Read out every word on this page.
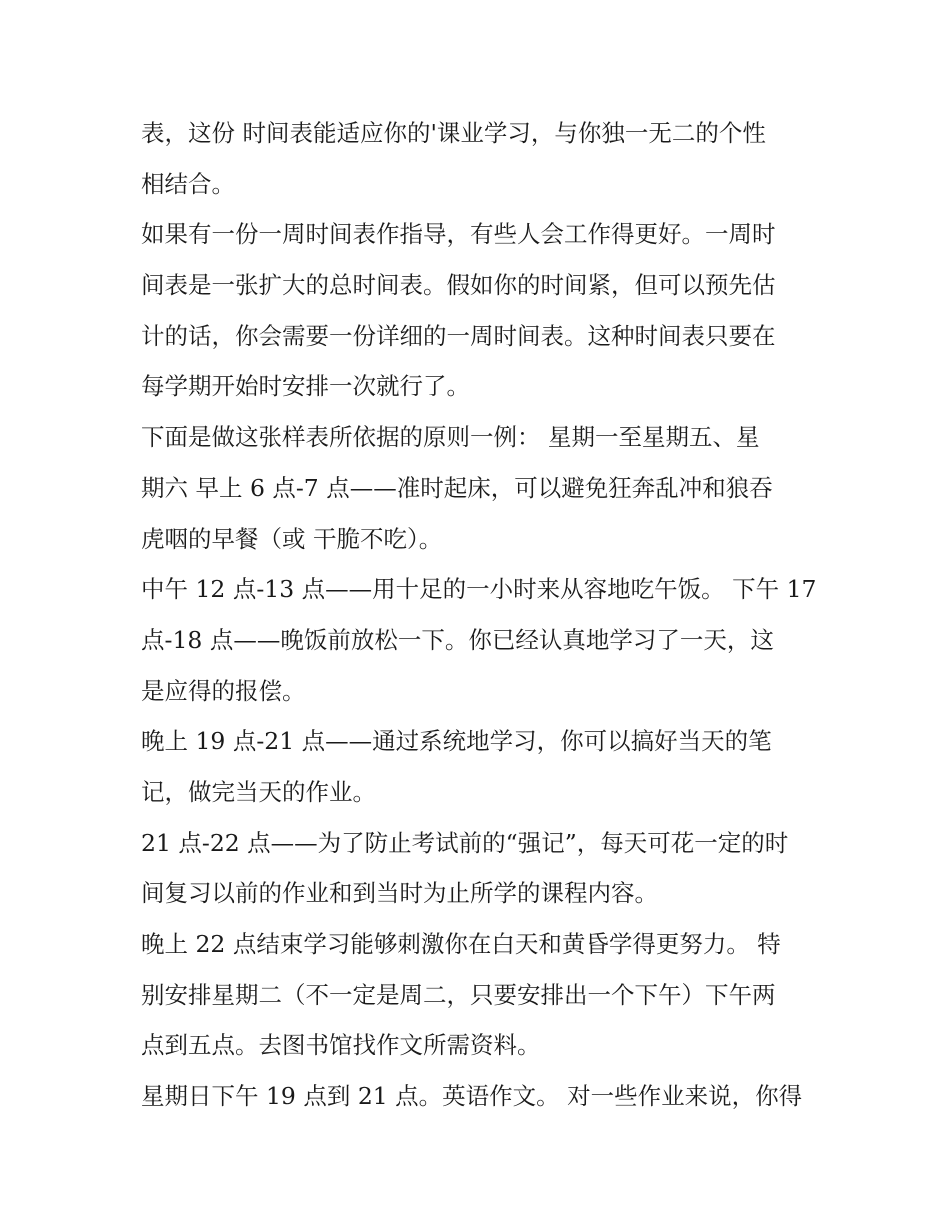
表，这份 时间表能适应你的'课业学习，与你独一无二的个性
相结合。
如果有一份一周时间表作指导，有些人会工作得更好。一周时
间表是一张扩大的总时间表。假如你的时间紧，但可以预先估
计的话，你会需要一份详细的一周时间表。这种时间表只要在
每学期开始时安排一次就行了。
下面是做这张样表所依据的原则一例： 星期一至星期五、星
期六 早上 6 点-7 点——准时起床，可以避免狂奔乱冲和狼吞
虎咽的早餐（或 干脆不吃）。
中午 12 点-13 点——用十足的一小时来从容地吃午饭。 下午 17
点-18 点——晚饭前放松一下。你已经认真地学习了一天，这
是应得的报偿。
晚上 19 点-21 点——通过系统地学习，你可以搞好当天的笔
记，做完当天的作业。
21 点-22 点——为了防止考试前的“强记”，每天可花一定的时
间复习以前的作业和到当时为止所学的课程内容。
晚上 22 点结束学习能够刺激你在白天和黄昏学得更努力。 特
别安排星期二（不一定是周二，只要安排出一个下午）下午两
点到五点。去图书馆找作文所需资料。
星期日下午 19 点到 21 点。英语作文。 对一些作业来说，你得
